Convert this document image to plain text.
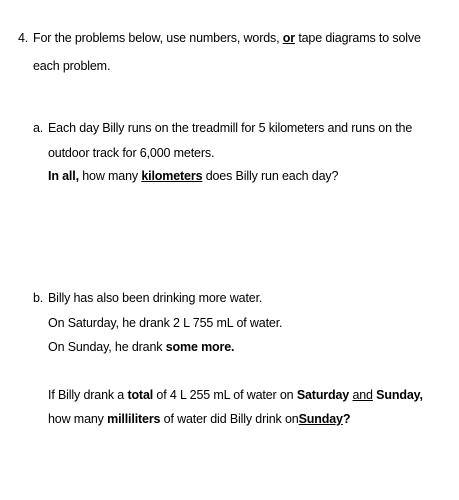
4. For the problems below, use numbers, words, or tape diagrams to solve
each problem.
a. Each day Billy runs on the treadmill for 5 kilometers and runs on the
outdoor track for 6,000 meters.
In all, how many kilometers does Billy run each day?
b. Billy has also been drinking more water.
On Saturday, he drank 2 L 755 mL of water.
On Sunday, he drank some more.
If Billy drank a total of 4 L 255 mL of water on Saturday and Sunday,
how many milliliters of water did Billy drink onSunday?
